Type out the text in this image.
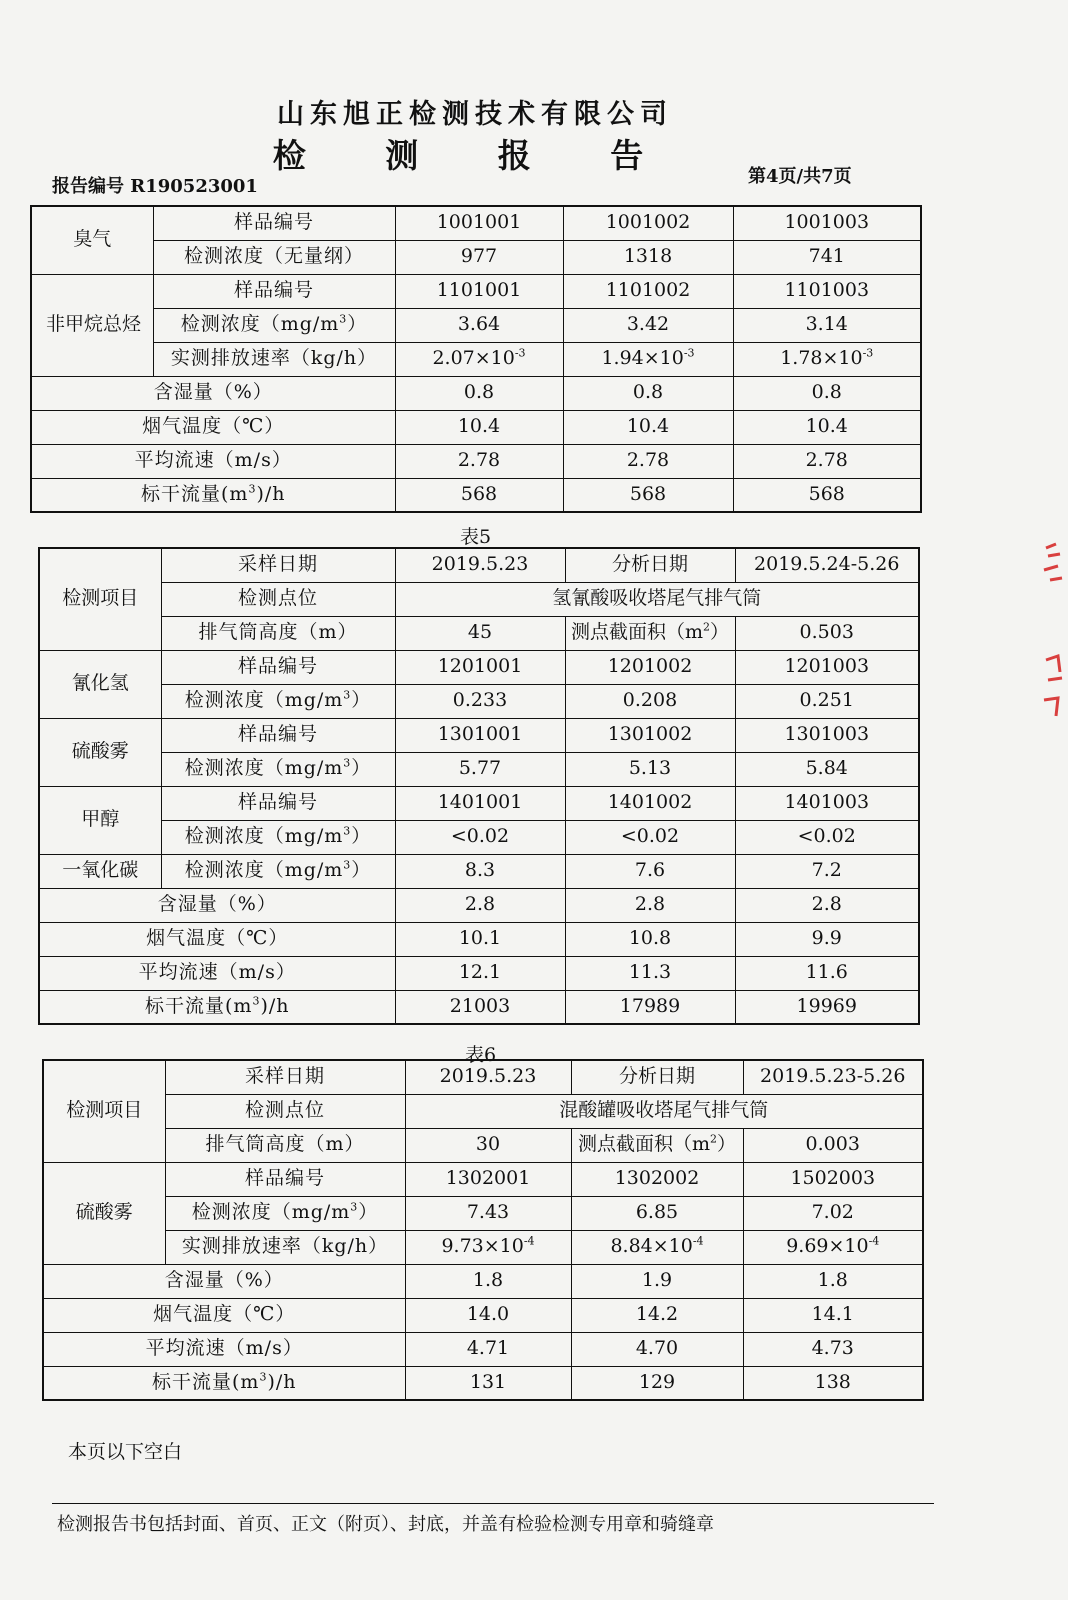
山东旭正检测技术有限公司
检 测 报 告
报告编号 R190523001	第4页/共7页
臭气	样品编号	1001001	1001002	1001003
	检测浓度（无量纲）	977	1318	741
非甲烷总烃	样品编号	1101001	1101002	1101003
	检测浓度$(mg/m^3)$	3.64	3.42	3.14
	实测排放速率（kg/h）	$2.07\times 10^{-3}$	$1.94\times 10^{-3}$	$1.78\times 10^{-3}$
含湿量（%）		0.8	0.8	0.8
烟气温度（℃）		10.4	10.4	10.4
平均流速（m/s）		2.78	2.78	2.78
标干流量$(m^3)/h$		568	568	568
表5
检测项目	采样日期	2019.5.23	分析日期	2019.5.24-5.26
	检测点位	氢氰酸吸收塔尾气排气筒		
	排气筒高度（m）	45	测点截面积$(m^2)$	0.503
氰化氢	样品编号	1201001	1201002	1201003
	检测浓度$(mg/m^3)$	0.233	0.208	0.251
硫酸雾	样品编号	1301001	1301002	1301003
	检测浓度$(mg/m^3)$	5.77	5.13	5.84
甲醇	样品编号	1401001	1401002	1401003
	检测浓度$(mg/m^3)$	<0.02	<0.02	<0.02
一氧化碳	检测浓度$(mg/m^3)$	8.3	7.6	7.2
含湿量（%）		2.8	2.8	2.8
烟气温度（℃）		10.1	10.8	9.9
平均流速（m/s）		12.1	11.3	11.6
标干流量$(m^3)/h$		21003	17989	19969
表6
检测项目	采样日期	2019.5.23	分析日期	2019.5.23-5.26
	检测点位	混酸罐吸收塔尾气排气筒		
	排气筒高度（m）	30	测点截面积$(m^2)$	0.003
硫酸雾	样品编号	1302001	1302002	1502003
	检测浓度$(mg/m^3)$	7.43	6.85	7.02
	实测排放速率（kg/h）	$9.73\times 10^{-4}$	$8.84\times 10^{-4}$	$9.69\times 10^{-4}$
含湿量（%）		1.8	1.9	1.8
烟气温度（℃）		14.0	14.2	14.1
平均流速（m/s）		4.71	4.70	4.73
标干流量$(m^3)/h$		131	129	138
本页以下空白
检测报告书包括封面、首页、正文（附页）、封底，并盖有检验检测专用章和骑缝章
